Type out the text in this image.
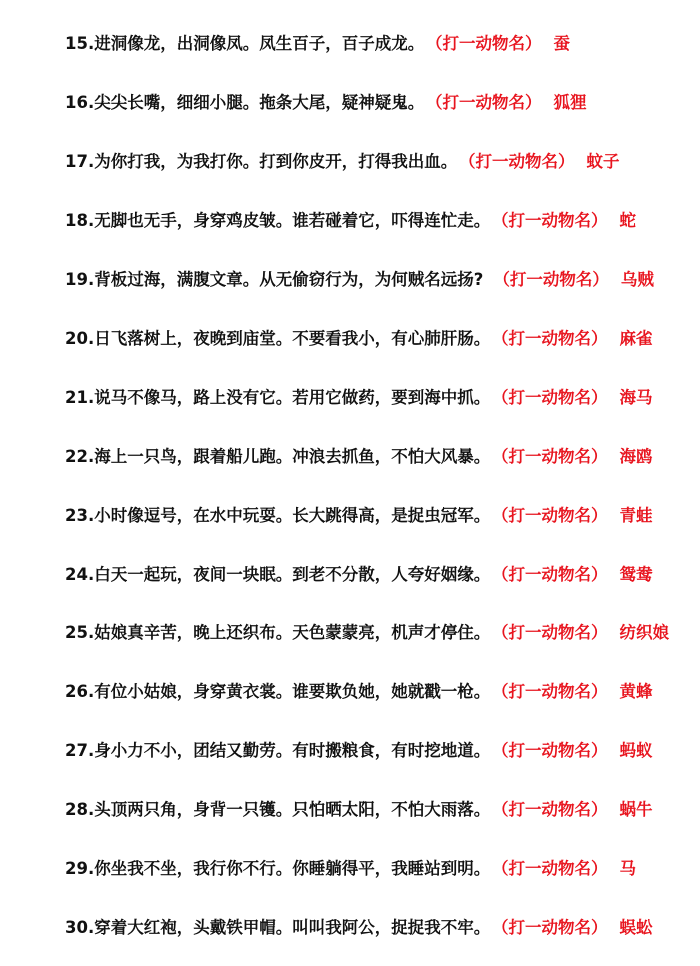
15.进洞像龙，出洞像凤。凤生百子，百子成龙。 （打一动物名） 蚕
16.尖尖长嘴，细细小腿。拖条大尾，疑神疑鬼。 （打一动物名） 狐狸
17.为你打我，为我打你。打到你皮开，打得我出血。 （打一动物名） 蚊子
18.无脚也无手，身穿鸡皮皱。谁若碰着它，吓得连忙走。 （打一动物名） 蛇
19.背板过海，满腹文章。从无偷窃行为，为何贼名远扬? （打一动物名） 乌贼
20.日飞落树上，夜晚到庙堂。不要看我小，有心肺肝肠。 （打一动物名） 麻雀
21.说马不像马，路上没有它。若用它做药，要到海中抓。 （打一动物名） 海马
22.海上一只鸟，跟着船儿跑。冲浪去抓鱼，不怕大风暴。 （打一动物名） 海鸥
23.小时像逗号，在水中玩耍。长大跳得高，是捉虫冠军。 （打一动物名） 青蛙
24.白天一起玩，夜间一块眠。到老不分散，人夸好姻缘。 （打一动物名） 鸳鸯
25.姑娘真辛苦，晚上还织布。天色蒙蒙亮，机声才停住。 （打一动物名） 纺织娘
26.有位小姑娘，身穿黄衣裳。谁要欺负她，她就戳一枪。 （打一动物名） 黄蜂
27.身小力不小，团结又勤劳。有时搬粮食，有时挖地道。 （打一动物名） 蚂蚁
28.头顶两只角，身背一只镬。只怕晒太阳，不怕大雨落。 （打一动物名） 蜗牛
29.你坐我不坐，我行你不行。你睡躺得平，我睡站到明。 （打一动物名） 马
30.穿着大红袍，头戴铁甲帽。叫叫我阿公，捉捉我不牢。 （打一动物名） 蜈蚣
